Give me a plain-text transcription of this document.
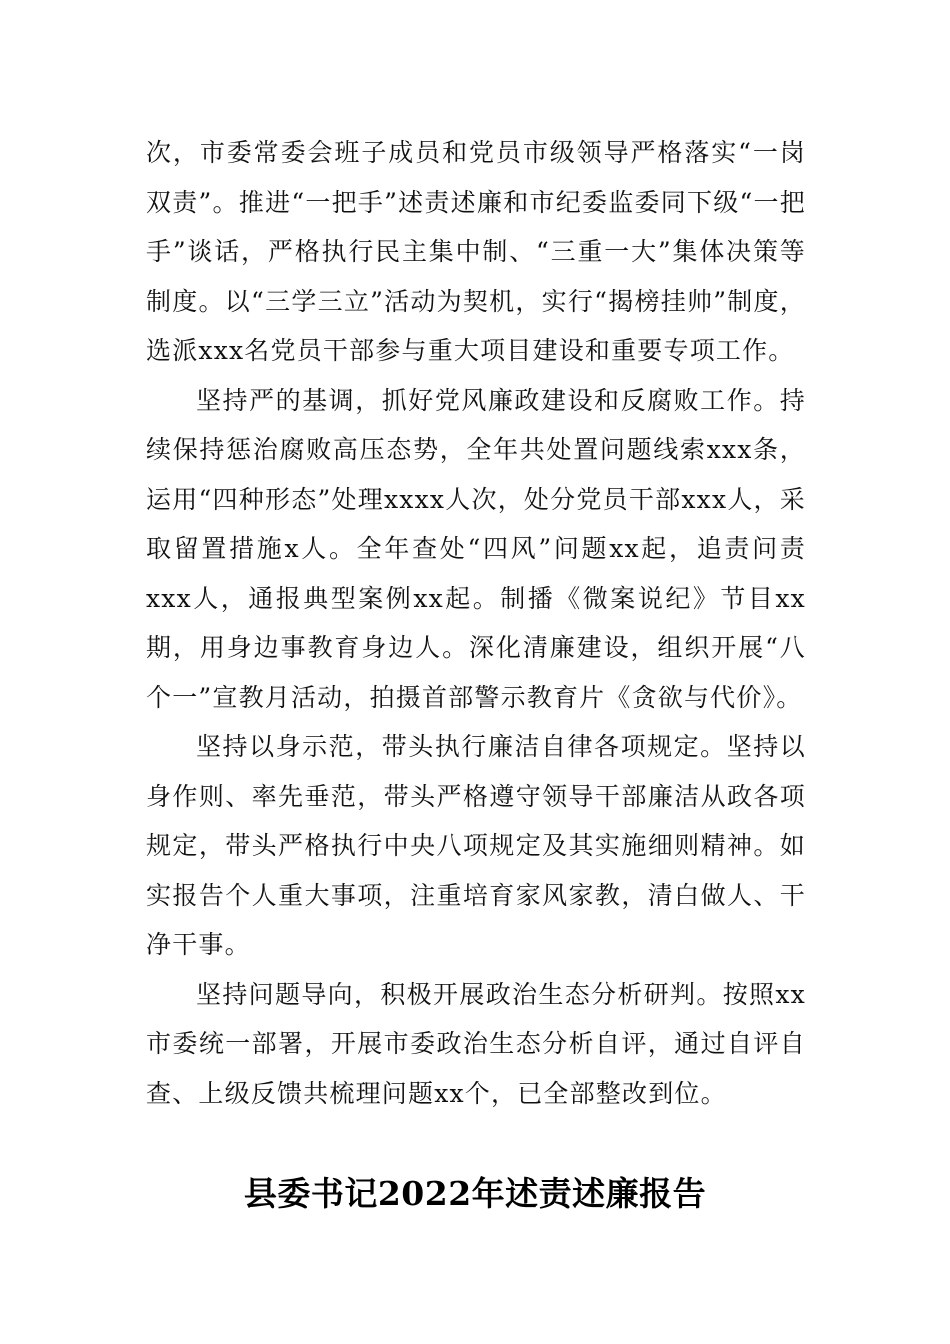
次，市委常委会班子成员和党员市级领导严格落实“一岗双责”。推进“一把手”述责述廉和市纪委监委同下级“一把手”谈话，严格执行民主集中制、“三重一大”集体决策等制度。以“三学三立”活动为契机，实行“揭榜挂帅”制度，选派xxx名党员干部参与重大项目建设和重要专项工作。

坚持严的基调，抓好党风廉政建设和反腐败工作。持续保持惩治腐败高压态势，全年共处置问题线索xxx条，运用“四种形态”处理xxxx人次，处分党员干部xxx人，采取留置措施x人。全年查处“四风”问题xx起，追责问责xxx人，通报典型案例xx起。制播《微案说纪》节目xx期，用身边事教育身边人。深化清廉建设，组织开展“八个一”宣教月活动，拍摄首部警示教育片《贪欲与代价》。

坚持以身示范，带头执行廉洁自律各项规定。坚持以身作则、率先垂范，带头严格遵守领导干部廉洁从政各项规定，带头严格执行中央八项规定及其实施细则精神。如实报告个人重大事项，注重培育家风家教，清白做人、干净干事。

坚持问题导向，积极开展政治生态分析研判。按照xx市委统一部署，开展市委政治生态分析自评，通过自评自查、上级反馈共梳理问题xx个，已全部整改到位。

县委书记2022年述责述廉报告
